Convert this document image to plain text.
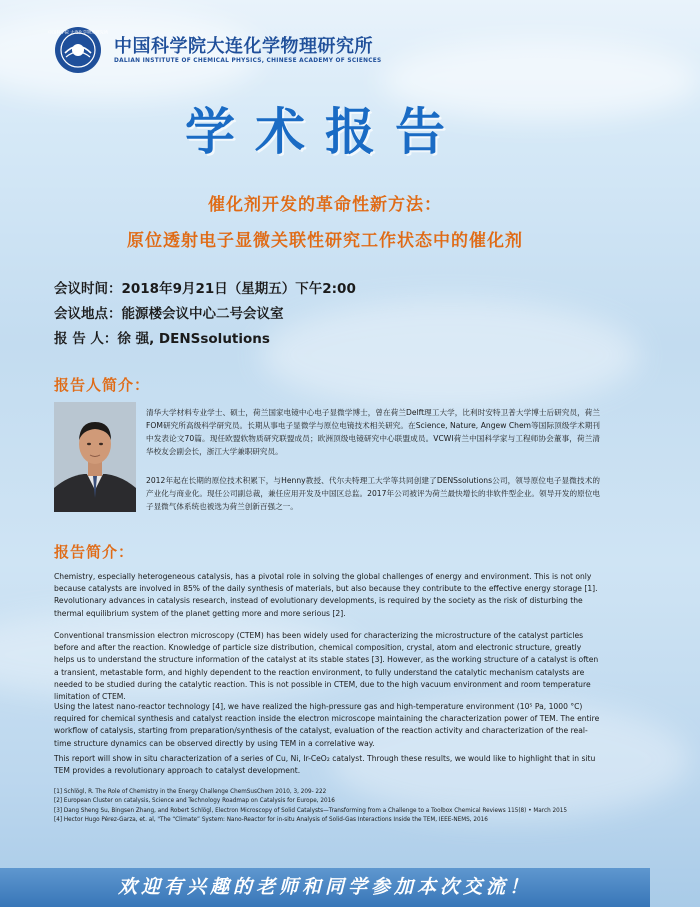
中国科学院 大连化学物理研究所
中国科学院大连化学物理研究所
DALIAN INSTITUTE OF CHEMICAL PHYSICS, CHINESE ACADEMY OF SCIENCES
学术报告
催化剂开发的革命性新方法：
原位透射电子显微关联性研究工作状态中的催化剂
会议时间：2018年9月21日（星期五）下午2:00
会议地点：能源楼会议中心二号会议室
报 告 人：徐 强, DENSsolutions
报告人简介：

清华大学材料专业学士、硕士，荷兰国家电镜中心电子显微学博士，曾在荷兰Delft理工大学，比利时安特卫普大学博士后研究员，荷兰FOM研究所高级科学研究员。长期从事电子显微学与原位电镜技术相关研究。在Science, Nature, Angew Chem等国际顶级学术期刊中发表论文70篇。现任欧盟软物质研究联盟成员；欧洲顶级电镜研究中心联盟成员。VCWI荷兰中国科学家与工程师协会董事，荷兰清华校友会副会长，浙江大学兼职研究员。

2012年起在长期的原位技术积累下，与Henny教授、代尔夫特理工大学等共同创建了DENSsolutions公司，领导原位电子显微技术的产业化与商业化。现任公司副总裁，兼任应用开发及中国区总监。2017年公司被评为荷兰最快增长的非软件型企业。领导开发的原位电子显微气体系统也被选为荷兰创新百强之一。

报告简介：

Chemistry, especially heterogeneous catalysis, has a pivotal role in solving the global challenges of energy and environment. This is not only because catalysts are involved in 85% of the daily synthesis of materials, but also because they contribute to the effective energy storage [1]. Revolutionary advances in catalysis research, instead of evolutionary developments, is required by the society as the risk of disturbing the thermal equilibrium system of the planet getting more and more serious [2].

Conventional transmission electron microscopy (CTEM) has been widely used for characterizing the microstructure of the catalyst particles before and after the reaction. Knowledge of particle size distribution, chemical composition, crystal, atom and electronic structure, greatly helps us to understand the structure information of the catalyst at its stable states [3]. However, as the working structure of a catalyst is often a transient, metastable form, and highly dependent to the reaction environment, to fully understand the catalytic mechanism catalysts are needed to be studied during the catalytic reaction. This is not possible in CTEM, due to the high vacuum environment and room temperature limitation of CTEM.

Using the latest nano-reactor technology [4], we have realized the high-pressure gas and high-temperature environment (10⁵ Pa, 1000 °C) required for chemical synthesis and catalyst reaction inside the electron microscope maintaining the characterization power of TEM. The entire workflow of catalysis, starting from preparation/synthesis of the catalyst, evaluation of the reaction activity and characterization of the real-time structure dynamics can be observed directly by using TEM in a correlative way.

This report will show in situ characterization of a series of Cu, Ni, Ir-CeO₂ catalyst. Through these results, we would like to highlight that in situ TEM provides a revolutionary approach to catalyst development.

[1] Schlögl, R. The Role of Chemistry in the Energy Challenge ChemSusChem 2010, 3, 209- 222
[2] European Cluster on catalysis, Science and Technology Roadmap on Catalysis for Europe, 2016
[3] Dang Sheng Su, Bingsen Zhang, and Robert Schlögl, Electron Microscopy of Solid Catalysts—Transforming from a Challenge to a Toolbox Chemical Reviews 115(8) • March 2015
[4] Hector Hugo Pérez-Garza, et. al, "The “Climate” System: Nano-Reactor for in-situ Analysis of Solid-Gas Interactions Inside the TEM, IEEE-NEMS, 2016
欢迎有兴趣的老师和同学参加本次交流！
